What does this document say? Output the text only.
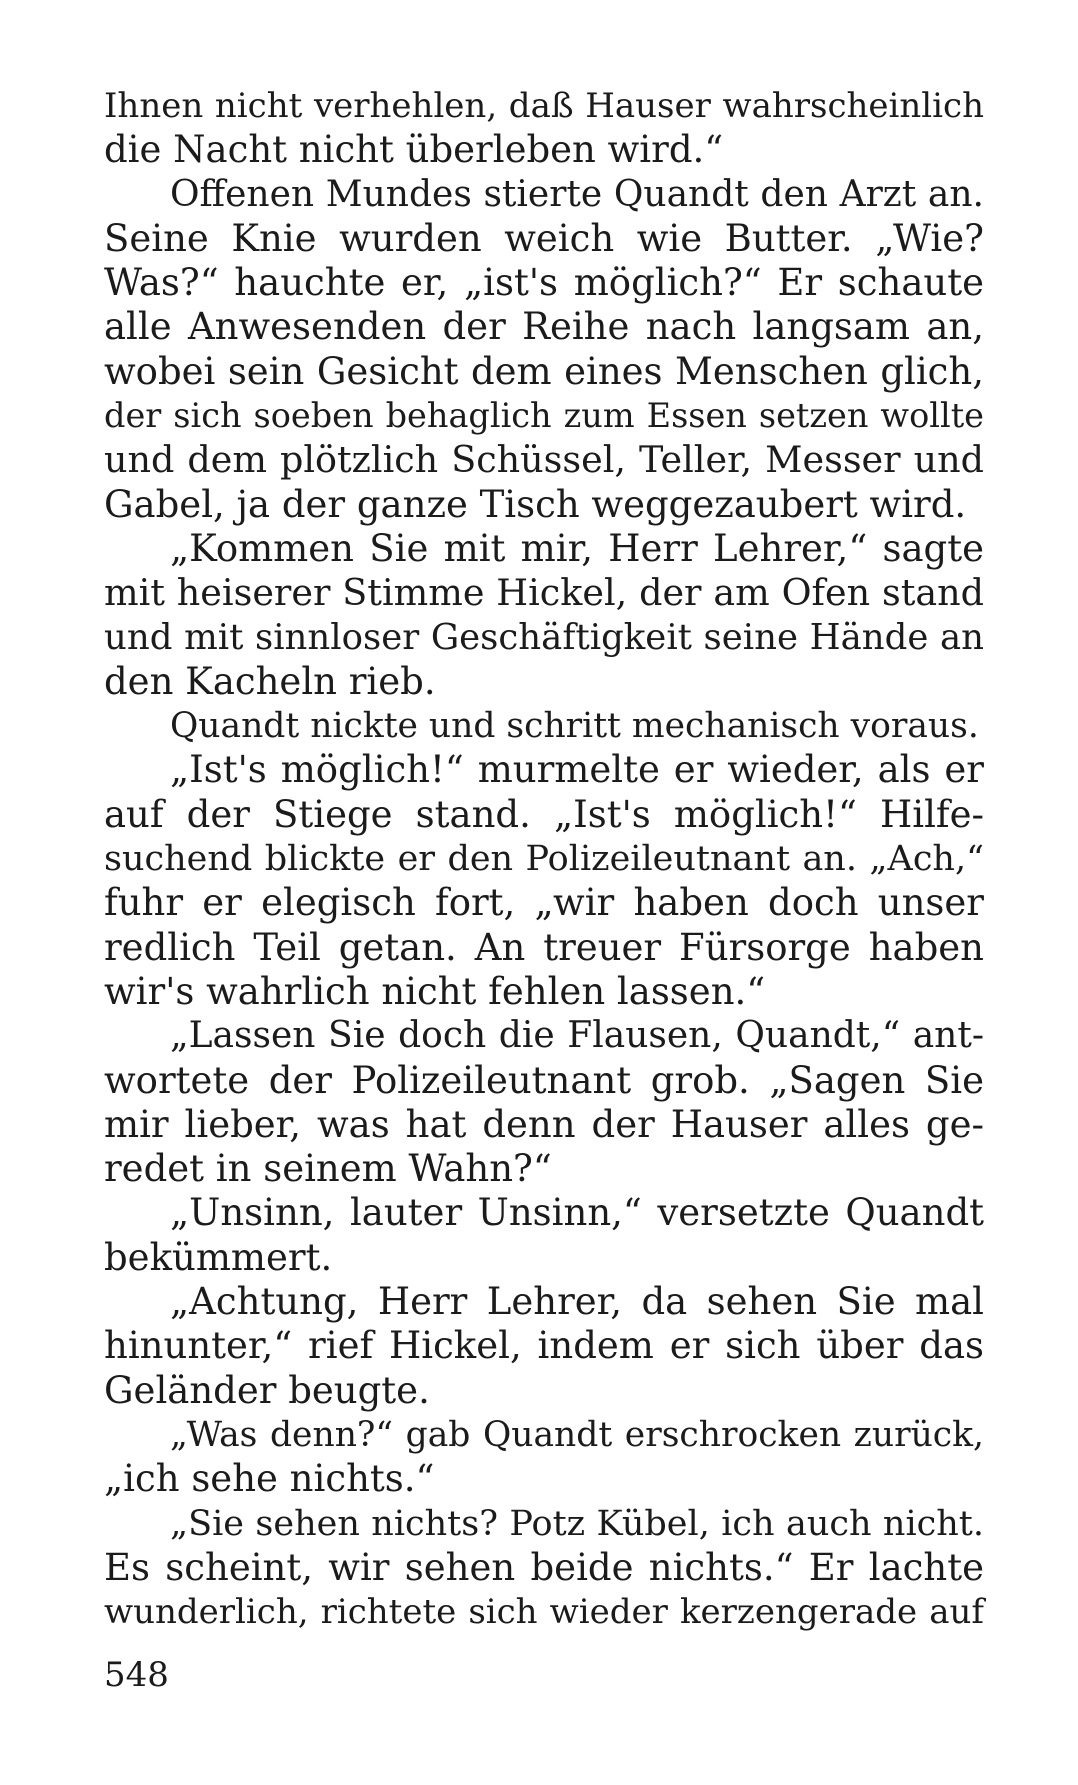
Ihnen nicht verhehlen, daß Hauser wahrscheinlich
die Nacht nicht überleben wird.“
Offenen Mundes stierte Quandt den Arzt an.
Seine Knie wurden weich wie Butter. „Wie?
Was?“ hauchte er, „ist's möglich?“ Er schaute
alle Anwesenden der Reihe nach langsam an,
wobei sein Gesicht dem eines Menschen glich,
der sich soeben behaglich zum Essen setzen wollte
und dem plötzlich Schüssel, Teller, Messer und
Gabel, ja der ganze Tisch weggezaubert wird.
„Kommen Sie mit mir, Herr Lehrer,“ sagte
mit heiserer Stimme Hickel, der am Ofen stand
und mit sinnloser Geschäftigkeit seine Hände an
den Kacheln rieb.
Quandt nickte und schritt mechanisch voraus.
„Ist's möglich!“ murmelte er wieder, als er
auf der Stiege stand. „Ist's möglich!“ Hilfe-
suchend blickte er den Polizeileutnant an. „Ach,“
fuhr er elegisch fort, „wir haben doch unser
redlich Teil getan. An treuer Fürsorge haben
wir's wahrlich nicht fehlen lassen.“
„Lassen Sie doch die Flausen, Quandt,“ ant-
wortete der Polizeileutnant grob. „Sagen Sie
mir lieber, was hat denn der Hauser alles ge-
redet in seinem Wahn?“
„Unsinn, lauter Unsinn,“ versetzte Quandt
bekümmert.
„Achtung, Herr Lehrer, da sehen Sie mal
hinunter,“ rief Hickel, indem er sich über das
Geländer beugte.
„Was denn?“ gab Quandt erschrocken zurück,
„ich sehe nichts.“
„Sie sehen nichts? Potz Kübel, ich auch nicht.
Es scheint, wir sehen beide nichts.“ Er lachte
wunderlich, richtete sich wieder kerzengerade auf
548
